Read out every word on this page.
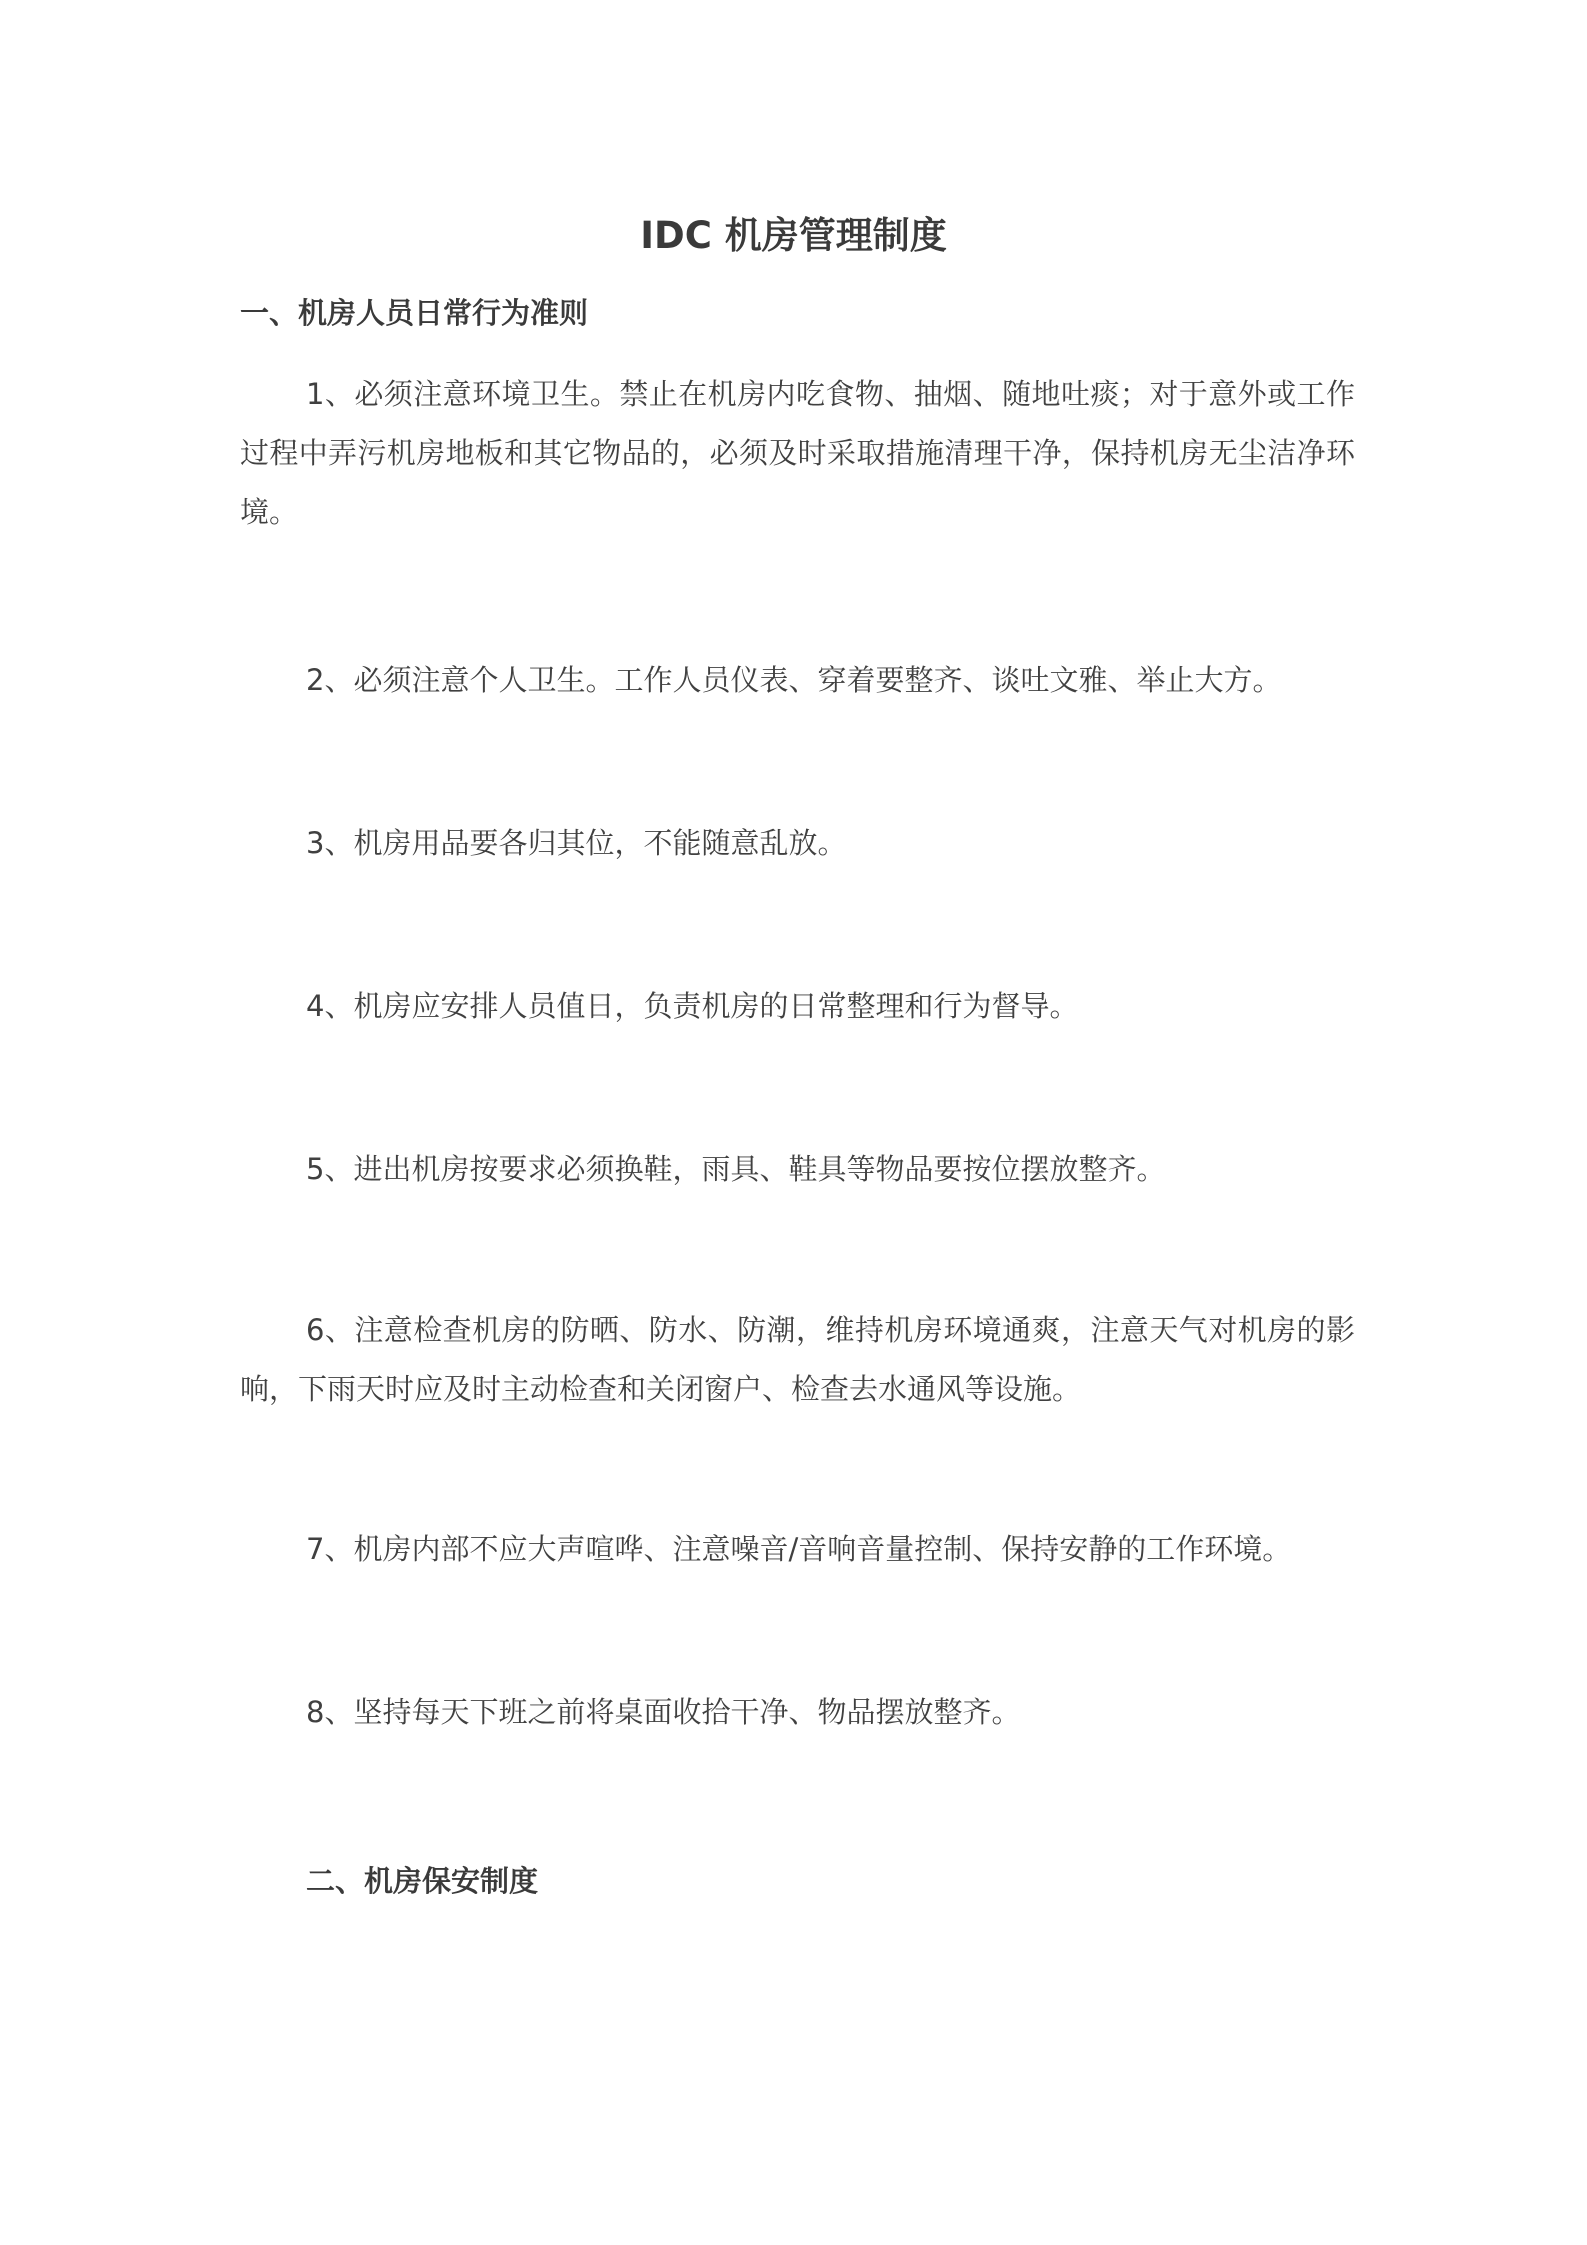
IDC 机房管理制度
一、机房人员日常行为准则
1、必须注意环境卫生。禁止在机房内吃食物、抽烟、随地吐痰；对于意外或工作过程中弄污机房地板和其它物品的，必须及时采取措施清理干净，保持机房无尘洁净环境。
2、必须注意个人卫生。工作人员仪表、穿着要整齐、谈吐文雅、举止大方。
3、机房用品要各归其位，不能随意乱放。
4、机房应安排人员值日，负责机房的日常整理和行为督导。
5、进出机房按要求必须换鞋，雨具、鞋具等物品要按位摆放整齐。
6、注意检查机房的防晒、防水、防潮，维持机房环境通爽，注意天气对机房的影响，下雨天时应及时主动检查和关闭窗户、检查去水通风等设施。
7、机房内部不应大声喧哗、注意噪音/音响音量控制、保持安静的工作环境。
8、坚持每天下班之前将桌面收拾干净、物品摆放整齐。
二、机房保安制度
